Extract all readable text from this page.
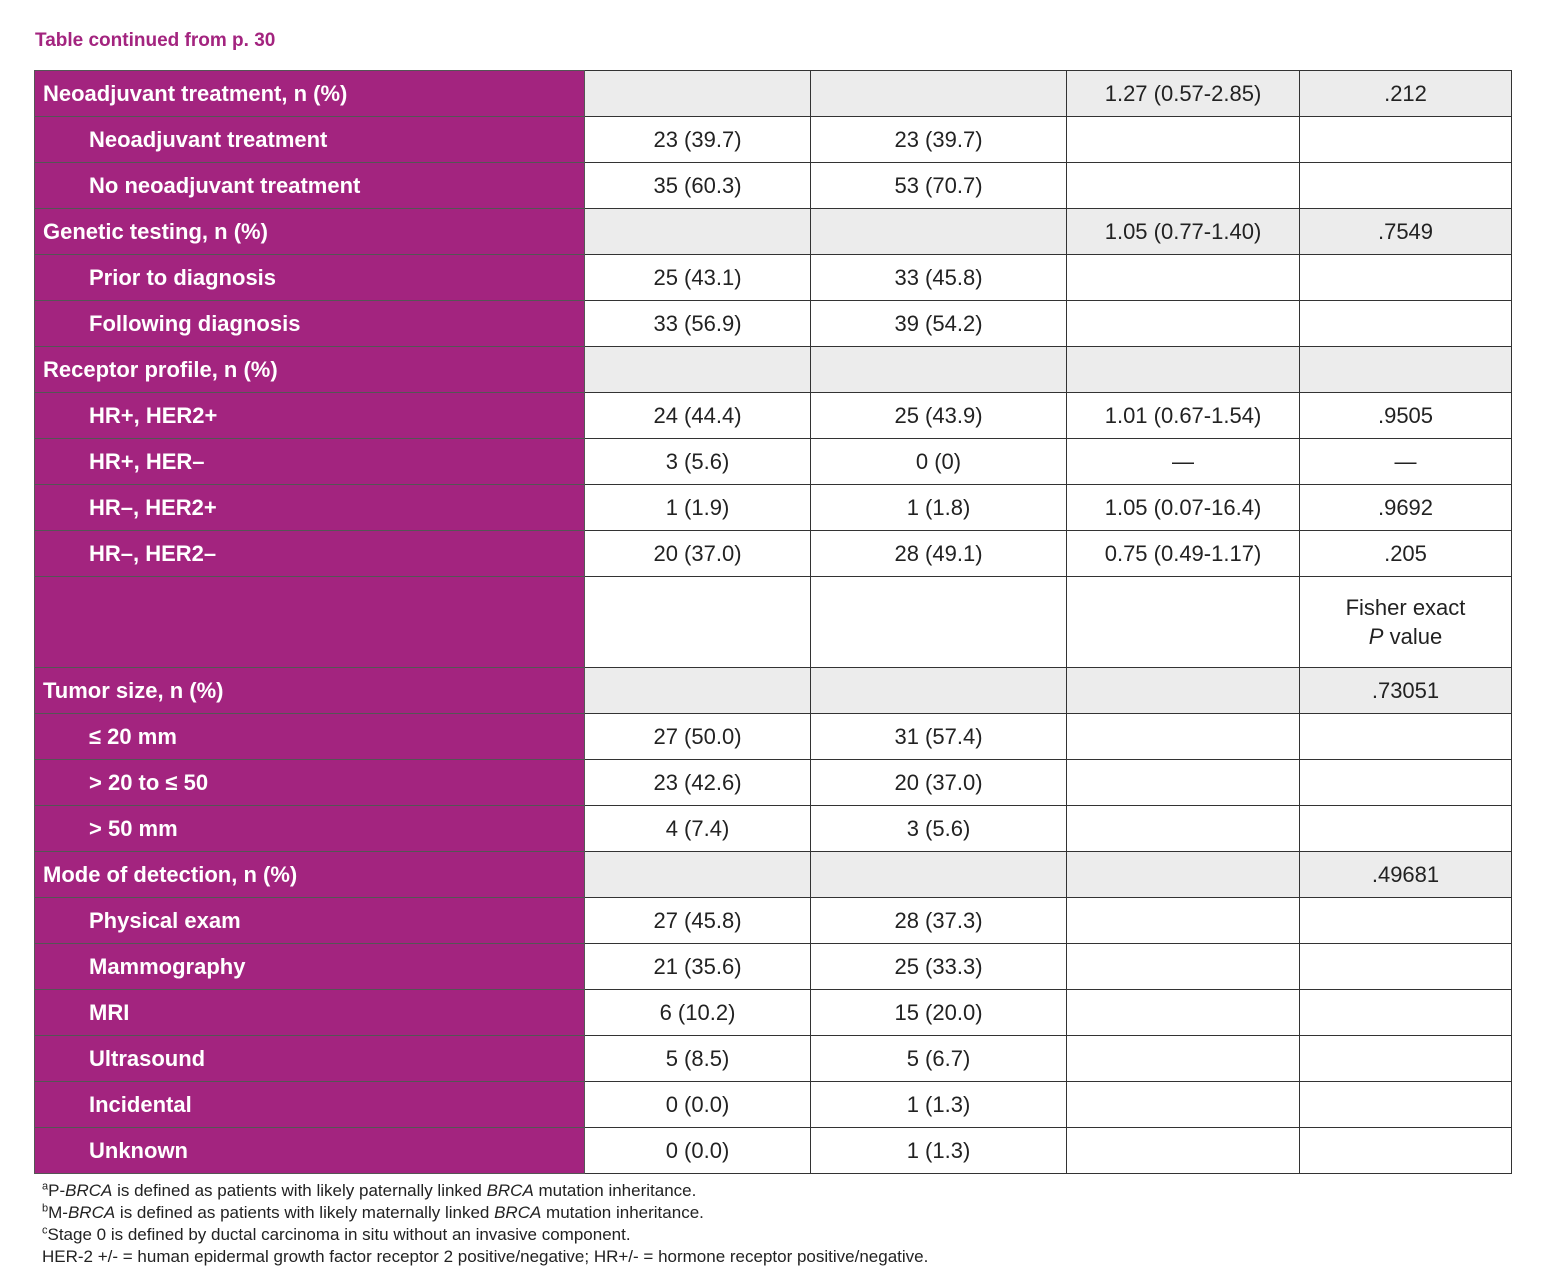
Table continued from p. 30
Neoadjuvant treatment, n (%)			1.27 (0.57-2.85)	.212
Neoadjuvant treatment	23 (39.7)	23 (39.7)		
No neoadjuvant treatment	35 (60.3)	53 (70.7)		
Genetic testing, n (%)			1.05 (0.77-1.40)	.7549
Prior to diagnosis	25 (43.1)	33 (45.8)		
Following diagnosis	33 (56.9)	39 (54.2)		
Receptor profile, n (%)				
HR+, HER2+	24 (44.4)	25 (43.9)	1.01 (0.67-1.54)	.9505
HR+, HER–	3 (5.6)	0 (0)	—	—
HR–, HER2+	1 (1.9)	1 (1.8)	1.05 (0.07-16.4)	.9692
HR–, HER2–	20 (37.0)	28 (49.1)	0.75 (0.49-1.17)	.205

				Fisher exact
P value

Tumor size, n (%)				.73051
≤ 20 mm	27 (50.0)	31 (57.4)		
> 20 to ≤ 50	23 (42.6)	20 (37.0)		
> 50 mm	4 (7.4)	3 (5.6)		
Mode of detection, n (%)				.49681
Physical exam	27 (45.8)	28 (37.3)		
Mammography	21 (35.6)	25 (33.3)		
MRI	6 (10.2)	15 (20.0)		
Ultrasound	5 (8.5)	5 (6.7)		
Incidental	0 (0.0)	1 (1.3)		
Unknown	0 (0.0)	1 (1.3)		
$^a$P-BRCA is defined as patients with likely paternally linked BRCA mutation inheritance.
$^b$M-BRCA is defined as patients with likely maternally linked BRCA mutation inheritance.
$^c$Stage 0 is defined by ductal carcinoma in situ without an invasive component.
HER-2 +/- = human epidermal growth factor receptor 2 positive/negative; HR+/- = hormone receptor positive/negative.
